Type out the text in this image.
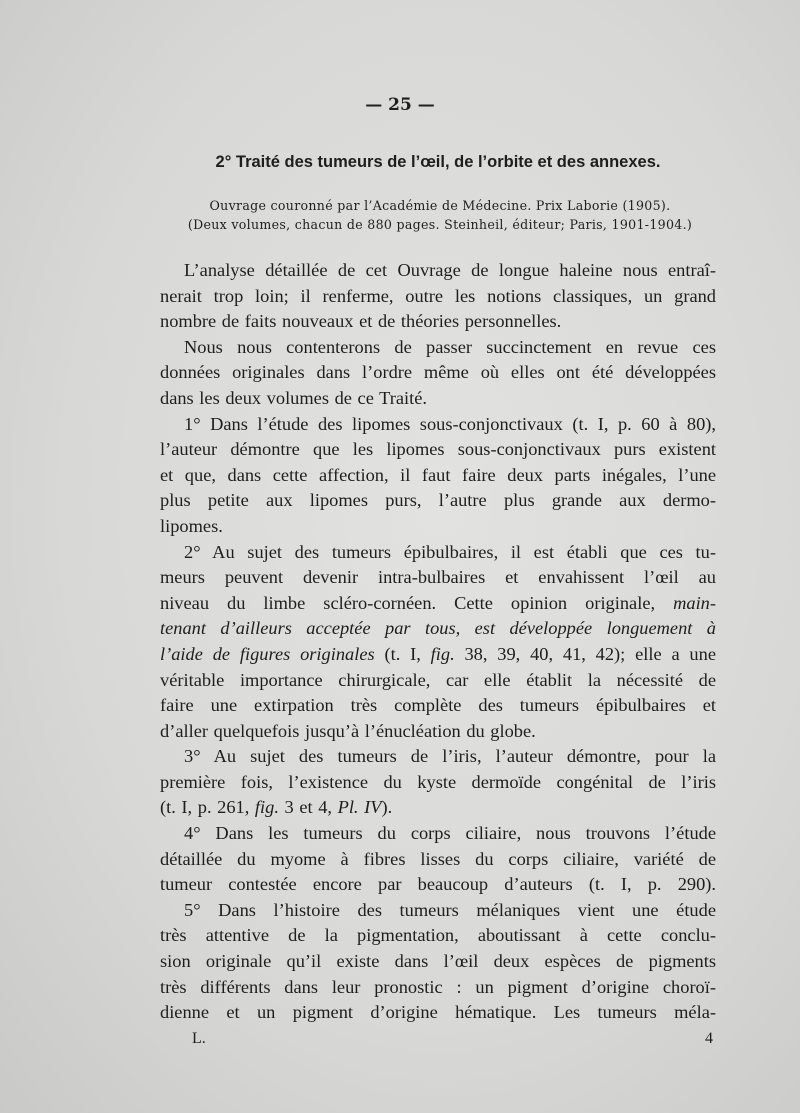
— 25 —
2° Traité des tumeurs de l’œil, de l’orbite et des annexes.
Ouvrage couronné par l’Académie de Médecine. Prix Laborie (1905).
(Deux volumes, chacun de 880 pages. Steinheil, éditeur; Paris, 1901-1904.)
L’analyse détaillée de cet Ouvrage de longue haleine nous entraî-
nerait trop loin; il renferme, outre les notions classiques, un grand
nombre de faits nouveaux et de théories personnelles.
Nous nous contenterons de passer succinctement en revue ces
données originales dans l’ordre même où elles ont été développées
dans les deux volumes de ce Traité.
1° Dans l’étude des lipomes sous-conjonctivaux (t. I, p. 60 à 80),
l’auteur démontre que les lipomes sous-conjonctivaux purs existent
et que, dans cette affection, il faut faire deux parts inégales, l’une
plus petite aux lipomes purs, l’autre plus grande aux dermo-
lipomes.
2° Au sujet des tumeurs épibulbaires, il est établi que ces tu-
meurs peuvent devenir intra-bulbaires et envahissent l’œil au
niveau du limbe scléro-cornéen. Cette opinion originale, main-
tenant d’ailleurs acceptée par tous, est développée longuement à
l’aide de figures originales (t. I, fig. 38, 39, 40, 41, 42); elle a une
véritable importance chirurgicale, car elle établit la nécessité de
faire une extirpation très complète des tumeurs épibulbaires et
d’aller quelquefois jusqu’à l’énucléation du globe.
3° Au sujet des tumeurs de l’iris, l’auteur démontre, pour la
première fois, l’existence du kyste dermoïde congénital de l’iris
(t. I, p. 261, fig. 3 et 4, Pl. IV).
4° Dans les tumeurs du corps ciliaire, nous trouvons l’étude
détaillée du myome à fibres lisses du corps ciliaire, variété de
tumeur contestée encore par beaucoup d’auteurs (t. I, p. 290).
5° Dans l’histoire des tumeurs mélaniques vient une étude
très attentive de la pigmentation, aboutissant à cette conclu-
sion originale qu’il existe dans l’œil deux espèces de pigments
très différents dans leur pronostic : un pigment d’origine choroï-
dienne et un pigment d’origine hématique. Les tumeurs méla-
L.	4
